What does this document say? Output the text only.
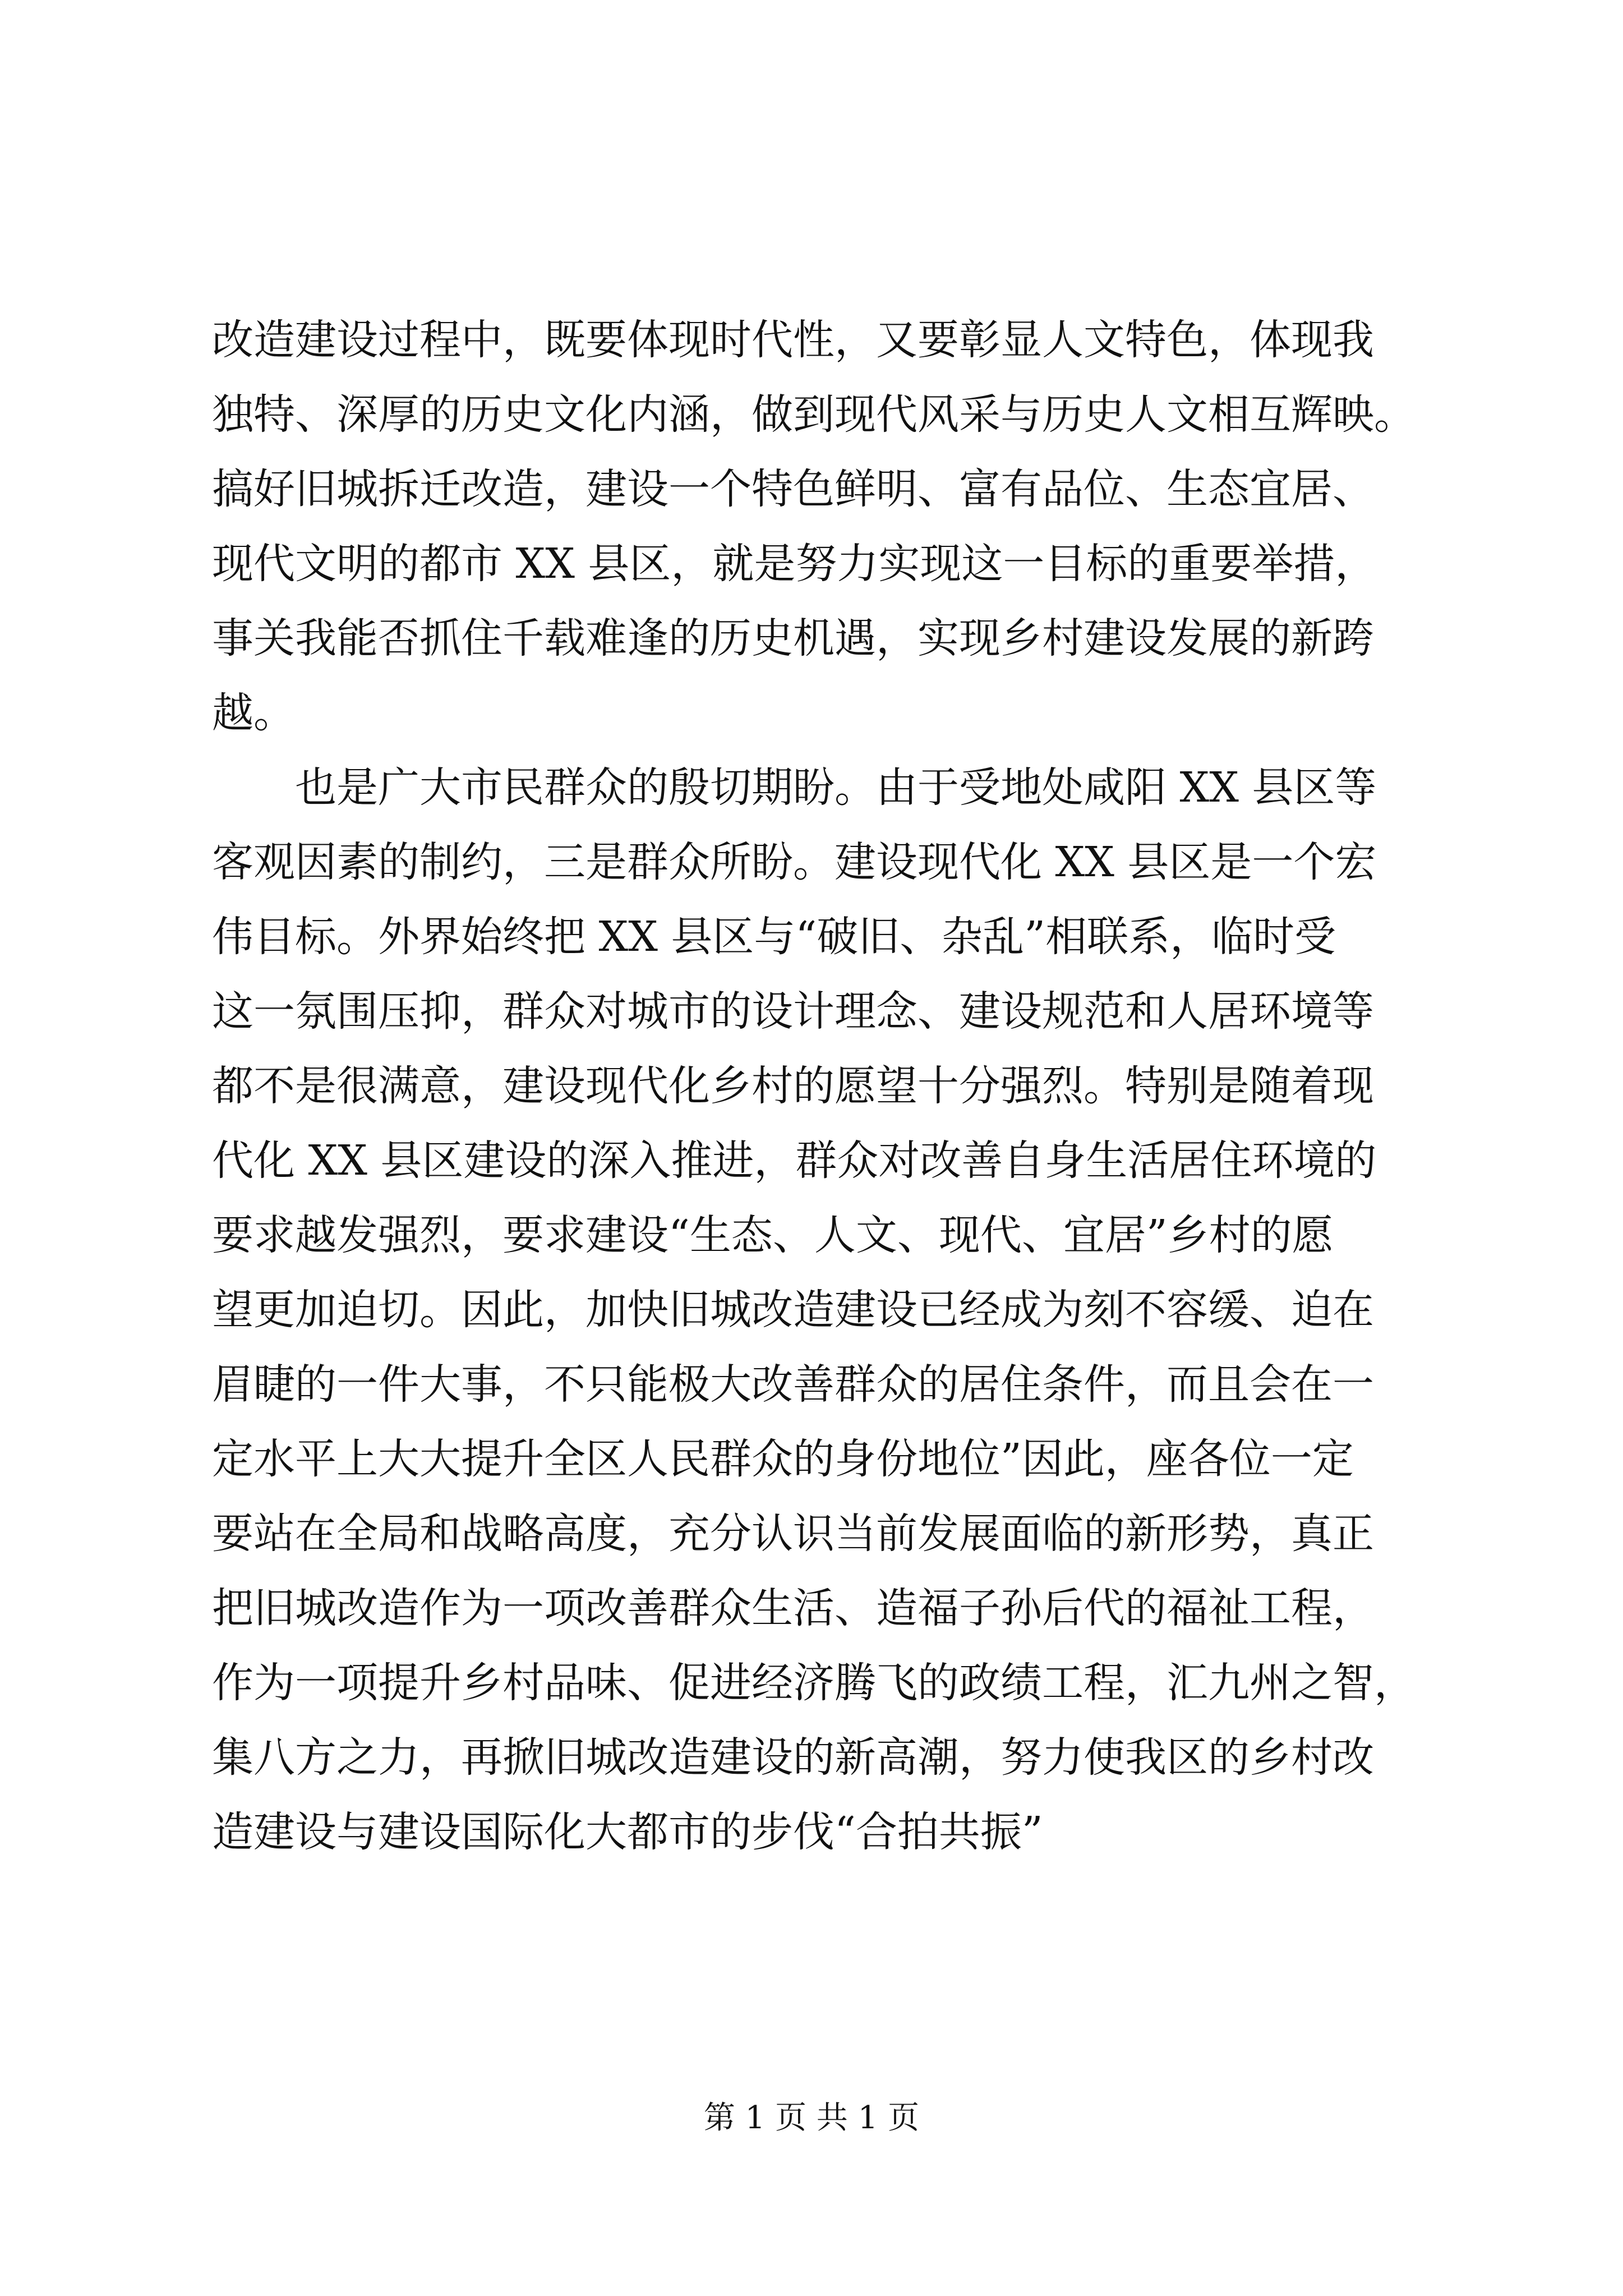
改造建设过程中，既要体现时代性，又要彰显人文特色，体现我
独特、深厚的历史文化内涵，做到现代风采与历史人文相互辉映。
搞好旧城拆迁改造，建设一个特色鲜明、富有品位、生态宜居、
现代文明的都市 XX 县区，就是努力实现这一目标的重要举措，
事关我能否抓住千载难逢的历史机遇，实现乡村建设发展的新跨
越。
也是广大市民群众的殷切期盼。由于受地处咸阳 XX 县区等
客观因素的制约，三是群众所盼。建设现代化 XX 县区是一个宏
伟目标。外界始终把 XX 县区与“破旧、杂乱”相联系，临时受
这一氛围压抑，群众对城市的设计理念、建设规范和人居环境等
都不是很满意，建设现代化乡村的愿望十分强烈。特别是随着现
代化 XX 县区建设的深入推进，群众对改善自身生活居住环境的
要求越发强烈，要求建设“生态、人文、现代、宜居”乡村的愿
望更加迫切。因此，加快旧城改造建设已经成为刻不容缓、迫在
眉睫的一件大事，不只能极大改善群众的居住条件，而且会在一
定水平上大大提升全区人民群众的身份地位”因此，座各位一定
要站在全局和战略高度，充分认识当前发展面临的新形势，真正
把旧城改造作为一项改善群众生活、造福子孙后代的福祉工程，
作为一项提升乡村品味、促进经济腾飞的政绩工程，汇九州之智，
集八方之力，再掀旧城改造建设的新高潮，努力使我区的乡村改
造建设与建设国际化大都市的步伐“合拍共振”
第 1 页 共 1 页
